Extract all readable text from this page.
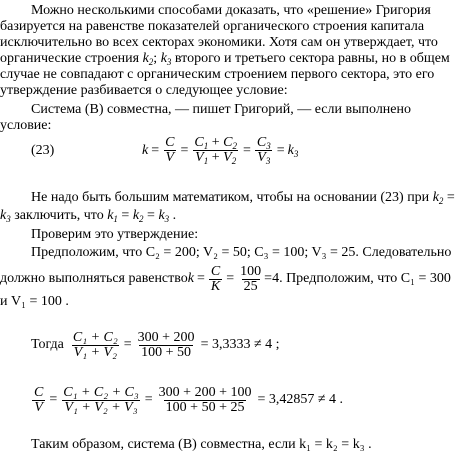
Можно несколькими способами доказать, что «решение» Григория
базируется на равенстве показателей органического строения капитала
исключительно во всех секторах экономики. Хотя сам он утверждает, что
органические строения $k_2$; $k_3$ второго и третьего сектора равны, но в общем
случае не совпадают с органическим строением первого сектора, это его
утверждение разбивается о следующее условие:
Система (В) совместна, — пишет Григорий, — если выполнено
условие:
(23)	$k = \frac{C}{V} = \frac{C_1 + C_2}{V_1 + V_2} = \frac{C_3}{V_3} = k$ 3
Не надо быть большим математиком, чтобы на основании (23) при $k_2$ =
$k_3$ заключить, что $k_1 = k_2 = k_3$ .
Проверим это утверждение:
Предположим, что C₂ = 200; V₂ = 50; C₃ = 100; V₃ = 25. Следовательно
должно выполняться равенство $k = \frac{C}{K} = \frac{100}{25} =4$. Предположим, что C₁ = 300
и V₁ = 100 .
Тогда $\frac{\text{C₁ + C₂}}{\text{V₁ + V₂}} = \frac{300 + 200}{100 + 50} = 3,3333 \ne 4$ ;
$\frac{C}{V} = \frac{\text{C₁ + C₂ + C₃}}{\text{V₁ + V₂ + V₃}} = \frac{300 + 200 + 100}{100 + 50 + 25} = 3,42857 \ne 4$ .
Таким образом, система (В) совместна, если k₁ = k₂ = k₃ .
